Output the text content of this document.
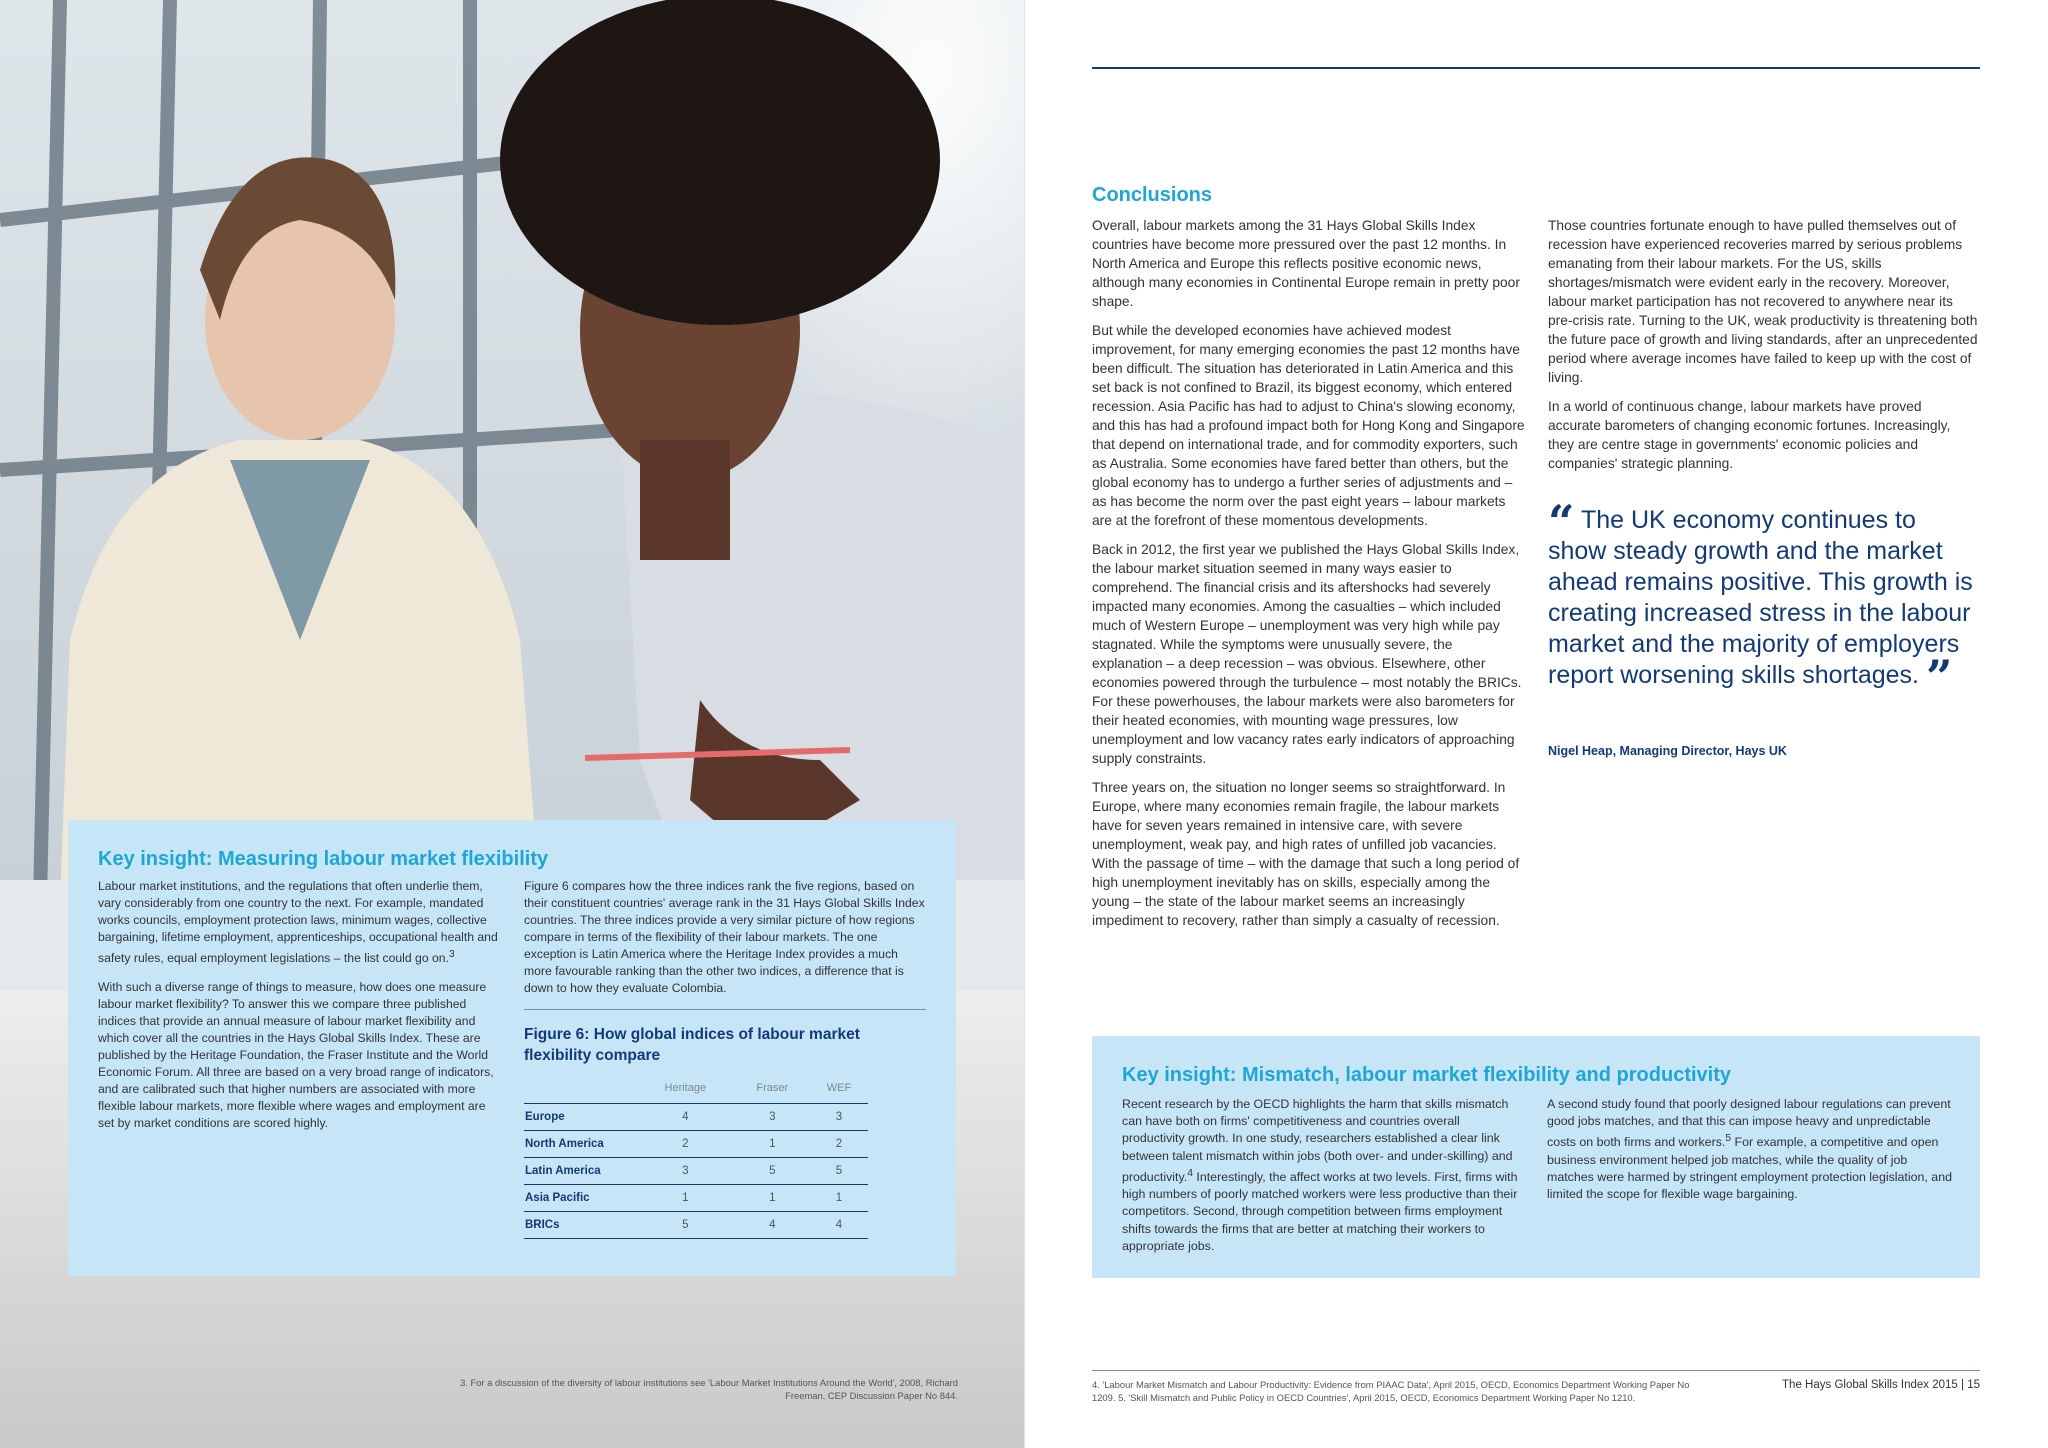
Key insight: Measuring labour market flexibility

Labour market institutions, and the regulations that often underlie them, vary considerably from one country to the next. For example, mandated works councils, employment protection laws, minimum wages, collective bargaining, lifetime employment, apprenticeships, occupational health and safety rules, equal employment legislations – the list could go on.$^3$

With such a diverse range of things to measure, how does one measure labour market flexibility? To answer this we compare three published indices that provide an annual measure of labour market flexibility and which cover all the countries in the Hays Global Skills Index. These are published by the Heritage Foundation, the Fraser Institute and the World Economic Forum. All three are based on a very broad range of indicators, and are calibrated such that higher numbers are associated with more flexible labour markets, more flexible where wages and employment are set by market conditions are scored highly.

Figure 6 compares how the three indices rank the five regions, based on their constituent countries' average rank in the 31 Hays Global Skills Index countries. The three indices provide a very similar picture of how regions compare in terms of the flexibility of their labour markets. The one exception is Latin America where the Heritage Index provides a much more favourable ranking than the other two indices, a difference that is down to how they evaluate Colombia.

Figure 6: How global indices of labour market flexibility compare
	Heritage	Fraser	WEF
Europe	4	3	3
North America	2	1	2
Latin America	3	5	5
Asia Pacific	1	1	1
BRICs	5	4	4
3. For a discussion of the diversity of labour institutions see 'Labour Market Institutions Around the World', 2008, Richard Freeman, CEP Discussion Paper No 844.
Conclusions

Overall, labour markets among the 31 Hays Global Skills Index countries have become more pressured over the past 12 months. In North America and Europe this reflects positive economic news, although many economies in Continental Europe remain in pretty poor shape.

But while the developed economies have achieved modest improvement, for many emerging economies the past 12 months have been difficult. The situation has deteriorated in Latin America and this set back is not confined to Brazil, its biggest economy, which entered recession. Asia Pacific has had to adjust to China's slowing economy, and this has had a profound impact both for Hong Kong and Singapore that depend on international trade, and for commodity exporters, such as Australia. Some economies have fared better than others, but the global economy has to undergo a further series of adjustments and – as has become the norm over the past eight years – labour markets are at the forefront of these momentous developments.

Back in 2012, the first year we published the Hays Global Skills Index, the labour market situation seemed in many ways easier to comprehend. The financial crisis and its aftershocks had severely impacted many economies. Among the casualties – which included much of Western Europe – unemployment was very high while pay stagnated. While the symptoms were unusually severe, the explanation – a deep recession – was obvious. Elsewhere, other economies powered through the turbulence – most notably the BRICs. For these powerhouses, the labour markets were also barometers for their heated economies, with mounting wage pressures, low unemployment and low vacancy rates early indicators of approaching supply constraints.

Three years on, the situation no longer seems so straightforward. In Europe, where many economies remain fragile, the labour markets have for seven years remained in intensive care, with severe unemployment, weak pay, and high rates of unfilled job vacancies. With the passage of time – with the damage that such a long period of high unemployment inevitably has on skills, especially among the young – the state of the labour market seems an increasingly impediment to recovery, rather than simply a casualty of recession.

Those countries fortunate enough to have pulled themselves out of recession have experienced recoveries marred by serious problems emanating from their labour markets. For the US, skills shortages/mismatch were evident early in the recovery. Moreover, labour market participation has not recovered to anywhere near its pre-crisis rate. Turning to the UK, weak productivity is threatening both the future pace of growth and living standards, after an unprecedented period where average incomes have failed to keep up with the cost of living.

In a world of continuous change, labour markets have proved accurate barometers of changing economic fortunes. Increasingly, they are centre stage in governments' economic policies and companies' strategic planning.

“ The UK economy continues to show steady growth and the market ahead remains positive. This growth is creating increased stress in the labour market and the majority of employers report worsening skills shortages. ”

Nigel Heap, Managing Director, Hays UK

Key insight: Mismatch, labour market flexibility and productivity
Recent research by the OECD highlights the harm that skills mismatch can have both on firms' competitiveness and countries overall productivity growth. In one study, researchers established a clear link between talent mismatch within jobs (both over- and under-skilling) and productivity.$^4$ Interestingly, the affect works at two levels. First, firms with high numbers of poorly matched workers were less productive than their competitors. Second, through competition between firms employment shifts towards the firms that are better at matching their workers to appropriate jobs.
A second study found that poorly designed labour regulations can prevent good jobs matches, and that this can impose heavy and unpredictable costs on both firms and workers.$^5$ For example, a competitive and open business environment helped job matches, while the quality of job matches were harmed by stringent employment protection legislation, and limited the scope for flexible wage bargaining.
4. 'Labour Market Mismatch and Labour Productivity: Evidence from PIAAC Data', April 2015, OECD, Economics Department Working Paper No 1209. 5. 'Skill Mismatch and Public Policy in OECD Countries', April 2015, OECD, Economics Department Working Paper No 1210.
The Hays Global Skills Index 2015 | 15
